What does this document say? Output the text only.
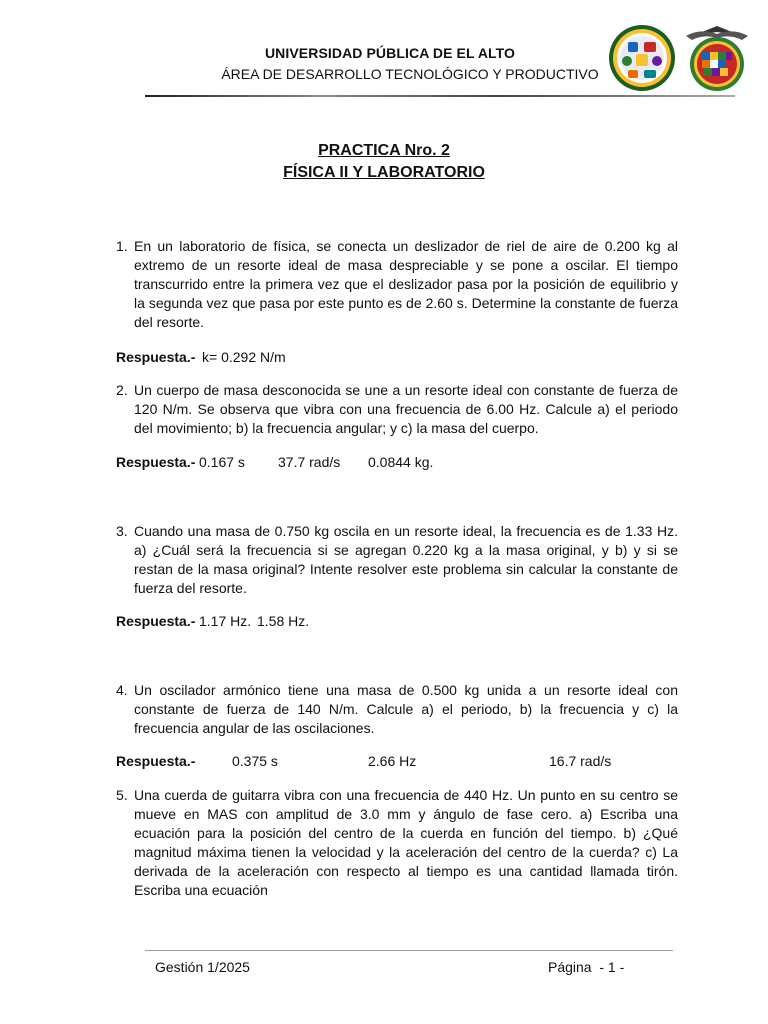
UNIVERSIDAD PÚBLICA DE EL ALTO
ÁREA DE DESARROLLO TECNOLÓGICO Y PRODUCTIVO
PRACTICA Nro. 2
FÍSICA II Y LABORATORIO
1. En un laboratorio de física, se conecta un deslizador de riel de aire de 0.200 kg al extremo de un resorte ideal de masa despreciable y se pone a oscilar. El tiempo transcurrido entre la primera vez que el deslizador pasa por la posición de equilibrio y la segunda vez que pasa por este punto es de 2.60 s. Determine la constante de fuerza del resorte.
Respuesta.- k= 0.292 N/m
2. Un cuerpo de masa desconocida se une a un resorte ideal con constante de fuerza de 120 N/m. Se observa que vibra con una frecuencia de 6.00 Hz. Calcule a) el periodo del movimiento; b) la frecuencia angular; y c) la masa del cuerpo.
Respuesta.- 0.167 s 37.7 rad/s 0.0844 kg.
3. Cuando una masa de 0.750 kg oscila en un resorte ideal, la frecuencia es de 1.33 Hz. a) ¿Cuál será la frecuencia si se agregan 0.220 kg a la masa original, y b) y si se restan de la masa original? Intente resolver este problema sin calcular la constante de fuerza del resorte.
Respuesta.- 1.17 Hz. 1.58 Hz.
4. Un oscilador armónico tiene una masa de 0.500 kg unida a un resorte ideal con constante de fuerza de 140 N/m. Calcule a) el periodo, b) la frecuencia y c) la frecuencia angular de las oscilaciones.
Respuesta.-	0.375 s	2.66 Hz	16.7 rad/s
5. Una cuerda de guitarra vibra con una frecuencia de 440 Hz. Un punto en su centro se mueve en MAS con amplitud de 3.0 mm y ángulo de fase cero. a) Escriba una ecuación para la posición del centro de la cuerda en función del tiempo. b) ¿Qué magnitud máxima tienen la velocidad y la aceleración del centro de la cuerda? c) La derivada de la aceleración con respecto al tiempo es una cantidad llamada tirón. Escriba una ecuación
Gestión 1/2025	Página  - 1 -
